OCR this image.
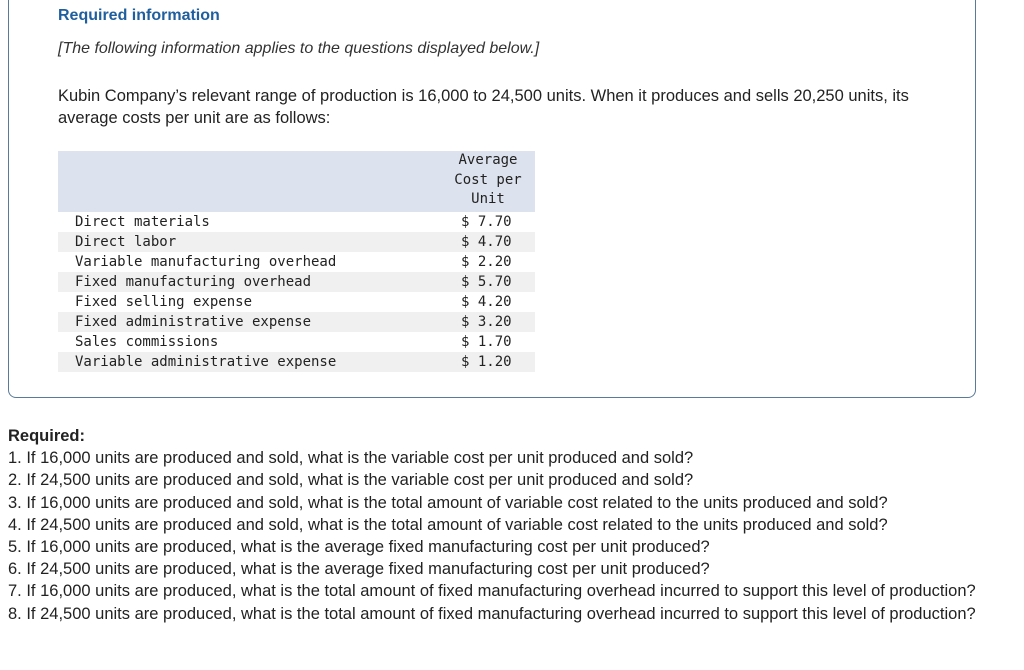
Required information

[The following information applies to the questions displayed below.]

Kubin Company’s relevant range of production is 16,000 to 24,500 units. When it produces and sells 20,250 units, its average costs per unit are as follows:

	Average Cost per Unit
Direct materials	$ 7.70
Direct labor	$ 4.70
Variable manufacturing overhead	$ 2.20
Fixed manufacturing overhead	$ 5.70
Fixed selling expense	$ 4.20
Fixed administrative expense	$ 3.20
Sales commissions	$ 1.70
Variable administrative expense	$ 1.20

Required:

1. If 16,000 units are produced and sold, what is the variable cost per unit produced and sold?
2. If 24,500 units are produced and sold, what is the variable cost per unit produced and sold?
3. If 16,000 units are produced and sold, what is the total amount of variable cost related to the units produced and sold?
4. If 24,500 units are produced and sold, what is the total amount of variable cost related to the units produced and sold?
5. If 16,000 units are produced, what is the average fixed manufacturing cost per unit produced?
6. If 24,500 units are produced, what is the average fixed manufacturing cost per unit produced?
7. If 16,000 units are produced, what is the total amount of fixed manufacturing overhead incurred to support this level of production?
8. If 24,500 units are produced, what is the total amount of fixed manufacturing overhead incurred to support this level of production?
